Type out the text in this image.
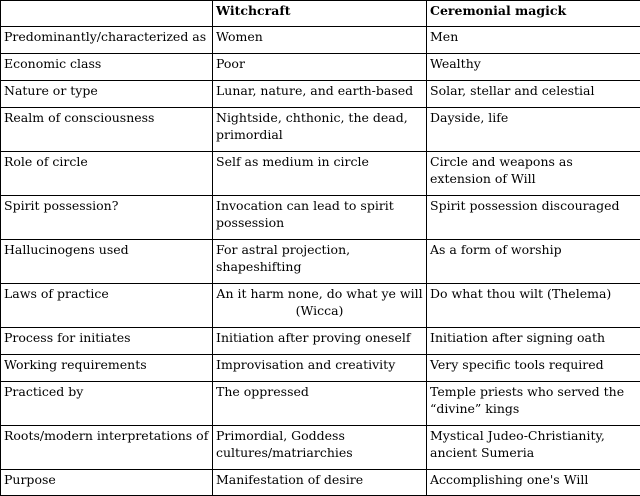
	Witchcraft	Ceremonial magick
Predominantly/characterized as	Women	Men
Economic class	Poor	Wealthy
Nature or type	Lunar, nature, and earth-based	Solar, stellar and celestial
Realm of consciousness	Nightside, chthonic, the dead, primordial	Dayside, life
Role of circle	Self as medium in circle	Circle and weapons as extension of Will
Spirit possession?	Invocation can lead to spirit possession	Spirit possession discouraged
Hallucinogens used	For astral projection, shapeshifting	As a form of worship
Laws of practice	An it harm none, do what ye will (Wicca)	Do what thou wilt (Thelema)
Process for initiates	Initiation after proving oneself	Initiation after signing oath
Working requirements	Improvisation and creativity	Very specific tools required
Practiced by	The oppressed	Temple priests who served the “divine” kings
Roots/modern interpretations of	Primordial, Goddess cultures/matriarchies	Mystical Judeo-Christianity, ancient Sumeria
Purpose	Manifestation of desire	Accomplishing one's Will
